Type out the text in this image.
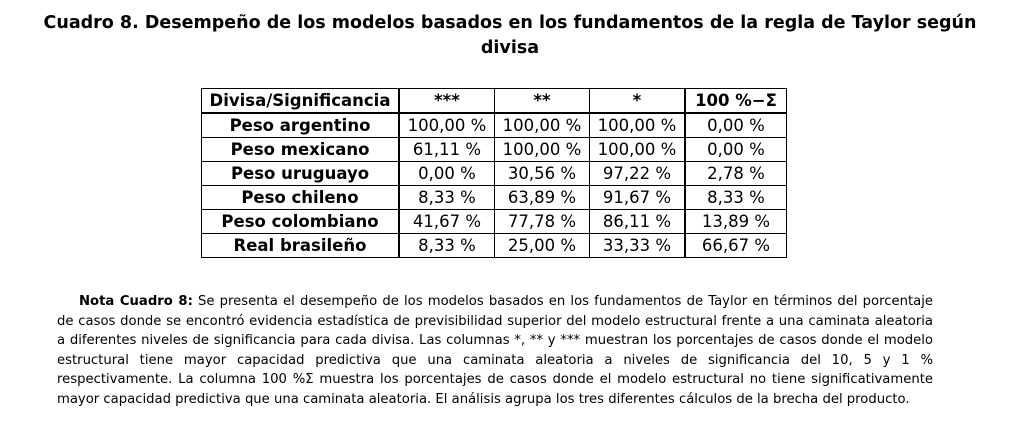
Cuadro 8. Desempeño de los modelos basados en los fundamentos de la regla de Taylor según divisa
Divisa/Significancia	***	**	*	100 %−Σ
Peso argentino	100,00 %	100,00 %	100,00 %	0,00 %
Peso mexicano	61,11 %	100,00 %	100,00 %	0,00 %
Peso uruguayo	0,00 %	30,56 %	97,22 %	2,78 %
Peso chileno	8,33 %	63,89 %	91,67 %	8,33 %
Peso colombiano	41,67 %	77,78 %	86,11 %	13,89 %
Real brasileño	8,33 %	25,00 %	33,33 %	66,67 %
Nota Cuadro 8: Se presenta el desempeño de los modelos basados en los fundamentos de Taylor en términos del porcentaje de casos donde se encontró evidencia estadística de previsibilidad superior del modelo estructural frente a una caminata aleatoria a diferentes niveles de significancia para cada divisa. Las columnas *, ** y *** muestran los porcentajes de casos donde el modelo estructural tiene mayor capacidad predictiva que una caminata aleatoria a niveles de significancia del 10, 5 y 1 % respectivamente. La columna 100 %Σ muestra los porcentajes de casos donde el modelo estructural no tiene significativamente mayor capacidad predictiva que una caminata aleatoria. El análisis agrupa los tres diferentes cálculos de la brecha del producto.
